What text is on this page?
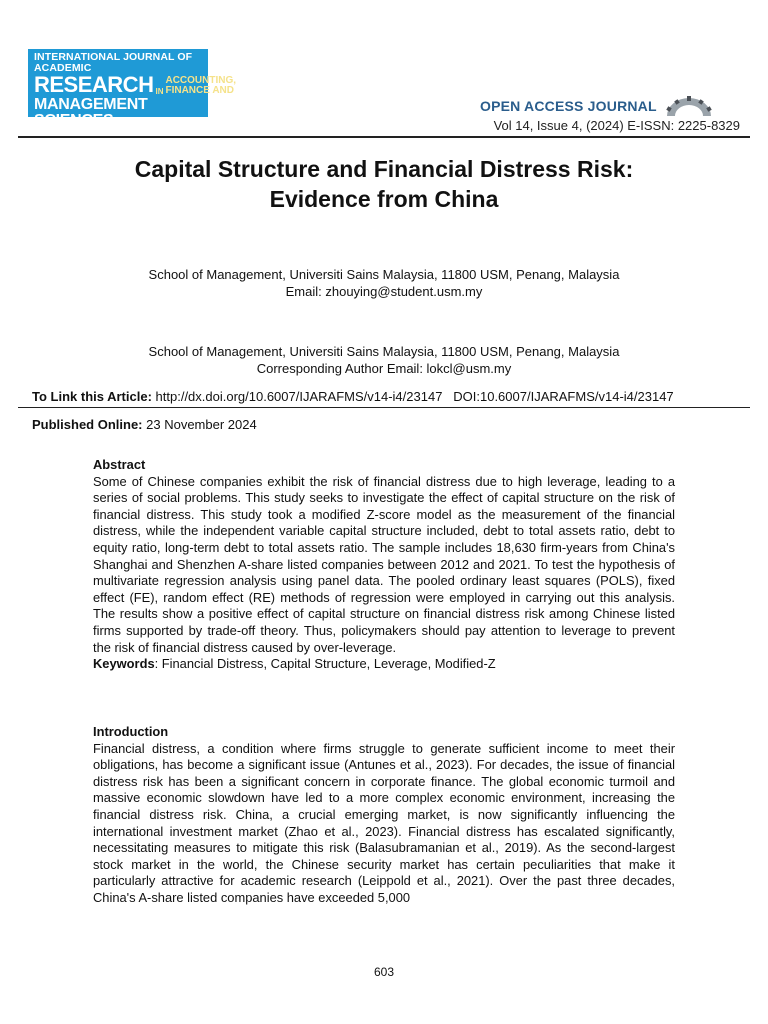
INTERNATIONAL JOURNAL OF ACADEMIC
RESEARCH IN
ACCOUNTING,
FINANCE AND
MANAGEMENT SCIENCES
OPEN ACCESS JOURNAL
Vol 14, Issue 4, (2024) E-ISSN: 2225-8329
Capital Structure and Financial Distress Risk:
Evidence from China
School of Management, Universiti Sains Malaysia, 11800 USM, Penang, Malaysia
Email: zhouying@student.usm.my
School of Management, Universiti Sains Malaysia, 11800 USM, Penang, Malaysia
Corresponding Author Email: lokcl@usm.my
To Link this Article: http://dx.doi.org/10.6007/IJARAFMS/v14-i4/23147 DOI:10.6007/IJARAFMS/v14-i4/23147
Published Online: 23 November 2024
Abstract
Some of Chinese companies exhibit the risk of financial distress due to high leverage, leading to a series of social problems. This study seeks to investigate the effect of capital structure on the risk of financial distress. This study took a modified Z-score model as the measurement of the financial distress, while the independent variable capital structure included, debt to total assets ratio, debt to equity ratio, long-term debt to total assets ratio. The sample includes 18,630 firm-years from China's Shanghai and Shenzhen A-share listed companies between 2012 and 2021. To test the hypothesis of multivariate regression analysis using panel data. The pooled ordinary least squares (POLS), fixed effect (FE), random effect (RE) methods of regression were employed in carrying out this analysis. The results show a positive effect of capital structure on financial distress risk among Chinese listed firms supported by trade-off theory. Thus, policymakers should pay attention to leverage to prevent the risk of financial distress caused by over-leverage.
Keywords: Financial Distress, Capital Structure, Leverage, Modified-Z
Introduction
Financial distress, a condition where firms struggle to generate sufficient income to meet their obligations, has become a significant issue (Antunes et al., 2023). For decades, the issue of financial distress risk has been a significant concern in corporate finance. The global economic turmoil and massive economic slowdown have led to a more complex economic environment, increasing the financial distress risk. China, a crucial emerging market, is now significantly influencing the international investment market (Zhao et al., 2023). Financial distress has escalated significantly, necessitating measures to mitigate this risk (Balasubramanian et al., 2019). As the second-largest stock market in the world, the Chinese security market has certain peculiarities that make it particularly attractive for academic research (Leippold et al., 2021). Over the past three decades, China's A-share listed companies have exceeded 5,000
603
